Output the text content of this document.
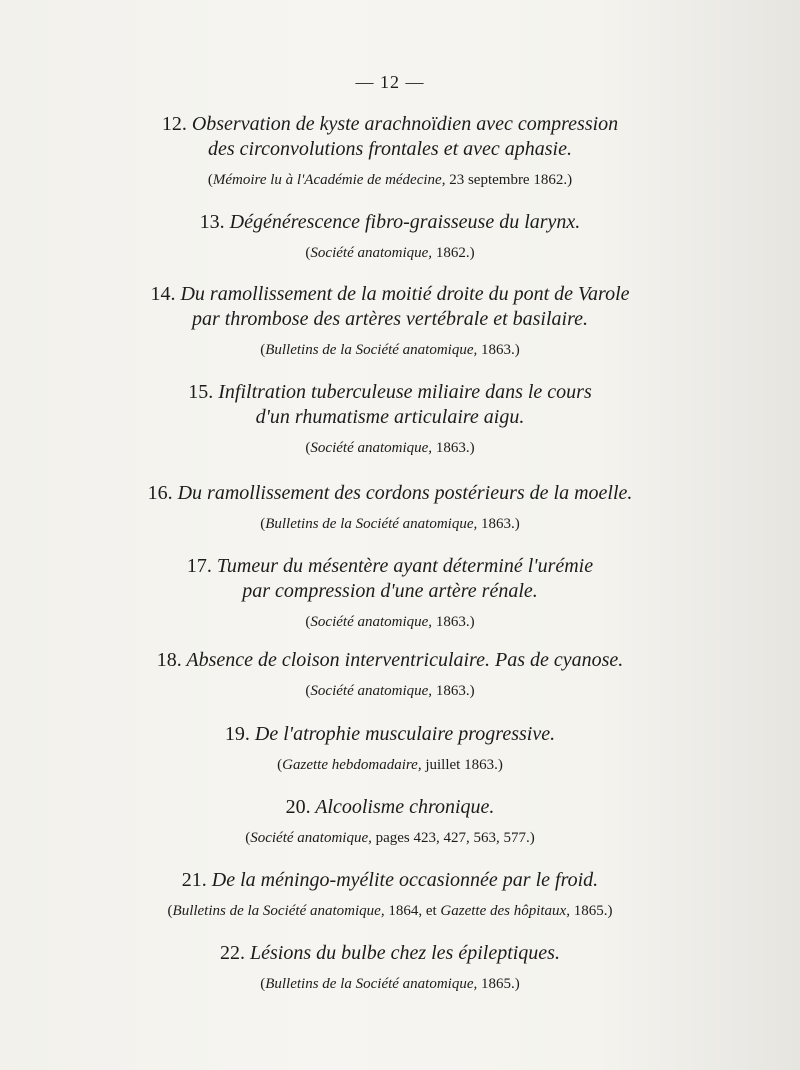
— 12 —
12. Observation de kyste arachnoïdien avec compression
des circonvolutions frontales et avec aphasie.
(Mémoire lu à l'Académie de médecine, 23 septembre 1862.)
13. Dégénérescence fibro-graisseuse du larynx.
(Société anatomique, 1862.)
14. Du ramollissement de la moitié droite du pont de Varole
par thrombose des artères vertébrale et basilaire.
(Bulletins de la Société anatomique, 1863.)
15. Infiltration tuberculeuse miliaire dans le cours
d'un rhumatisme articulaire aigu.
(Société anatomique, 1863.)
16. Du ramollissement des cordons postérieurs de la moelle.
(Bulletins de la Société anatomique, 1863.)
17. Tumeur du mésentère ayant déterminé l'urémie
par compression d'une artère rénale.
(Société anatomique, 1863.)
18. Absence de cloison interventriculaire. Pas de cyanose.
(Société anatomique, 1863.)
19. De l'atrophie musculaire progressive.
(Gazette hebdomadaire, juillet 1863.)
20. Alcoolisme chronique.
(Société anatomique, pages 423, 427, 563, 577.)
21. De la méningo-myélite occasionnée par le froid.
(Bulletins de la Société anatomique, 1864, et Gazette des hôpitaux, 1865.)
22. Lésions du bulbe chez les épileptiques.
(Bulletins de la Société anatomique, 1865.)
